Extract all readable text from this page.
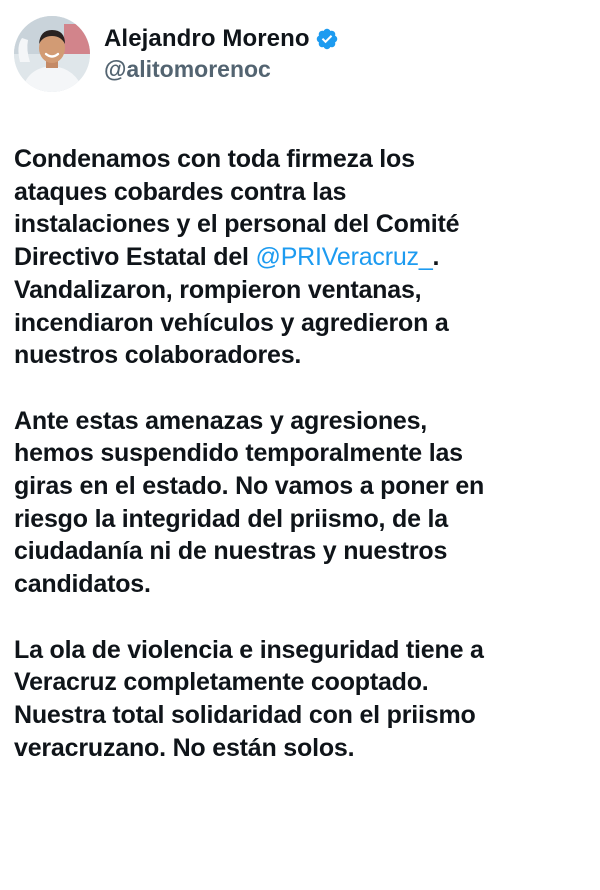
Alejandro Moreno
@alitomorenoc

Condenamos con toda firmeza los
ataques cobardes contra las
instalaciones y el personal del Comité
Directivo Estatal del @PRIVeracruz_.
Vandalizaron, rompieron ventanas,
incendiaron vehículos y agredieron a
nuestros colaboradores.

Ante estas amenazas y agresiones,
hemos suspendido temporalmente las
giras en el estado. No vamos a poner en
riesgo la integridad del priismo, de la
ciudadanía ni de nuestras y nuestros
candidatos.

La ola de violencia e inseguridad tiene a
Veracruz completamente cooptado.
Nuestra total solidaridad con el priismo
veracruzano. No están solos.
